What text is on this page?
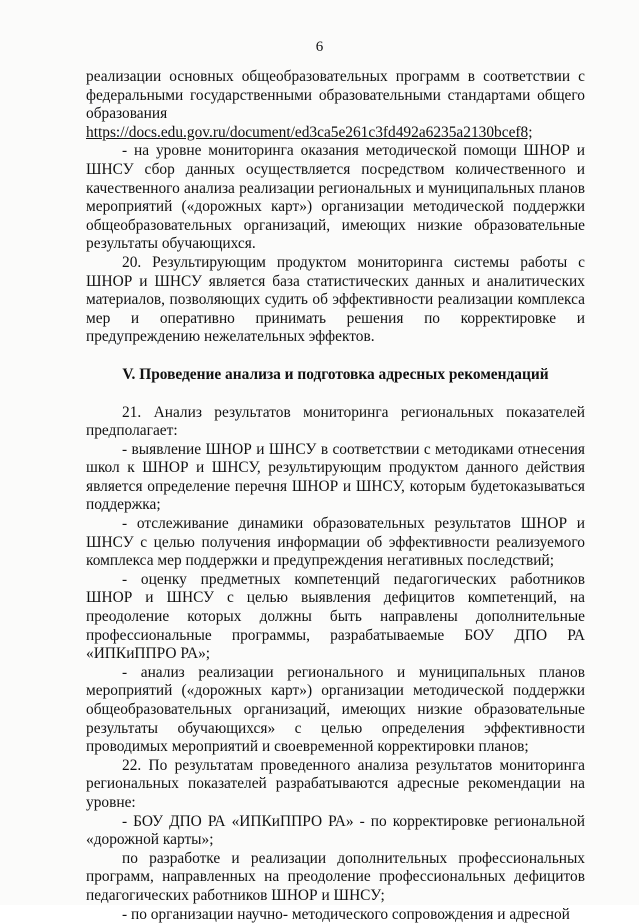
6

реализации основных общеобразовательных программ в соответствии с федеральными государственными образовательными стандартами общего образования

https://docs.edu.gov.ru/document/ed3ca5e261c3fd492a6235a2130bcef8;

- на уровне мониторинга оказания методической помощи ШНОР и ШНСУ сбор данных осуществляется посредством количественного и качественного анализа реализации региональных и муниципальных планов мероприятий («дорожных карт») организации методической поддержки общеобразовательных организаций, имеющих низкие образовательные результаты обучающихся.

20. Результирующим продуктом мониторинга системы работы с ШНОР и ШНСУ является база статистических данных и аналитических материалов, позволяющих судить об эффективности реализации комплекса мер и оперативно принимать решения по корректировке и предупреждению нежелательных эффектов.

V. Проведение анализа и подготовка адресных рекомендаций

21. Анализ результатов мониторинга региональных показателей предполагает:

- выявление ШНОР и ШНСУ в соответствии с методиками отнесения школ к ШНОР и ШНСУ, результирующим продуктом данного действия является определение перечня ШНОР и ШНСУ, которым будетоказываться поддержка;

- отслеживание динамики образовательных результатов ШНОР и ШНСУ с целью получения информации об эффективности реализуемого комплекса мер поддержки и предупреждения негативных последствий;

- оценку предметных компетенций педагогических работников ШНОР и ШНСУ с целью выявления дефицитов компетенций, на преодоление которых должны быть направлены дополнительные профессиональные программы, разрабатываемые БОУ ДПО РА «ИПКиППРО РА»;

- анализ реализации регионального и муниципальных планов мероприятий («дорожных карт») организации методической поддержки общеобразовательных организаций, имеющих низкие образовательные результаты обучающихся» с целью определения эффективности проводимых мероприятий и своевременной корректировки планов;

22. По результатам проведенного анализа результатов мониторинга региональных показателей разрабатываются адресные рекомендации на уровне:

- БОУ ДПО РА «ИПКиППРО РА» - по корректировке региональной «дорожной карты»;

по разработке и реализации дополнительных профессиональных программ, направленных на преодоление профессиональных дефицитов педагогических работников ШНОР и ШНСУ;

- по организации научно- методического сопровождения и адресной
